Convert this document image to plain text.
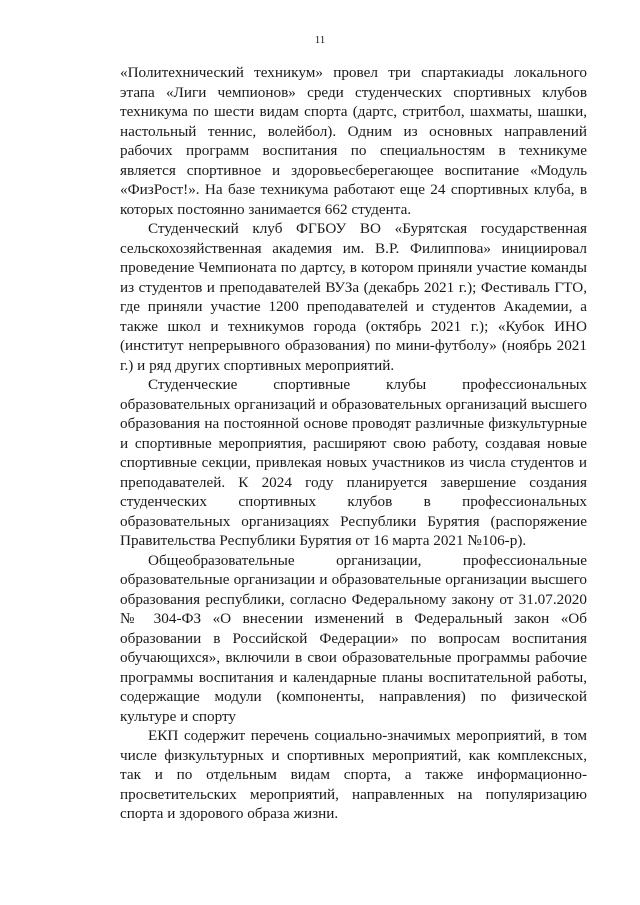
11

«Политехнический техникум» провел три спартакиады локального этапа «Лиги чемпионов» среди студенческих спортивных клубов техникума по шести видам спорта (дартс, стритбол, шахматы, шашки, настольный теннис, волейбол). Одним из основных направлений рабочих программ воспитания по специальностям в техникуме является спортивное и здоровьесберегающее воспитание «Модуль «ФизРост!». На базе техникума работают еще 24 спортивных клуба, в которых постоянно занимается 662 студента.

Студенческий клуб ФГБОУ ВО «Бурятская государственная сельскохозяйственная академия им. В.Р. Филиппова» инициировал проведение Чемпионата по дартсу, в котором приняли участие команды из студентов и преподавателей ВУЗа (декабрь 2021 г.); Фестиваль ГТО, где приняли участие 1200 преподавателей и студентов Академии, а также школ и техникумов города (октябрь 2021 г.); «Кубок ИНО (институт непрерывного образования) по мини-футболу» (ноябрь 2021 г.) и ряд других спортивных мероприятий.

Студенческие спортивные клубы профессиональных образовательных организаций и образовательных организаций высшего образования на постоянной основе проводят различные физкультурные и спортивные мероприятия, расширяют свою работу, создавая новые спортивные секции, привлекая новых участников из числа студентов и преподавателей. К 2024 году планируется завершение создания студенческих спортивных клубов в профессиональных образовательных организациях Республики Бурятия (распоряжение Правительства Республики Бурятия от 16 марта 2021 №106-р).

Общеобразовательные организации, профессиональные образовательные организации и образовательные организации высшего образования республики, согласно Федеральному закону от 31.07.2020 № 304-ФЗ «О внесении изменений в Федеральный закон «Об образовании в Российской Федерации» по вопросам воспитания обучающихся», включили в свои образовательные программы рабочие программы воспитания и календарные планы воспитательной работы, содержащие модули (компоненты, направления) по физической культуре и спорту

ЕКП содержит перечень социально-значимых мероприятий, в том числе физкультурных и спортивных мероприятий, как комплексных, так и по отдельным видам спорта, а также информационно-просветительских мероприятий, направленных на популяризацию спорта и здорового образа жизни.
